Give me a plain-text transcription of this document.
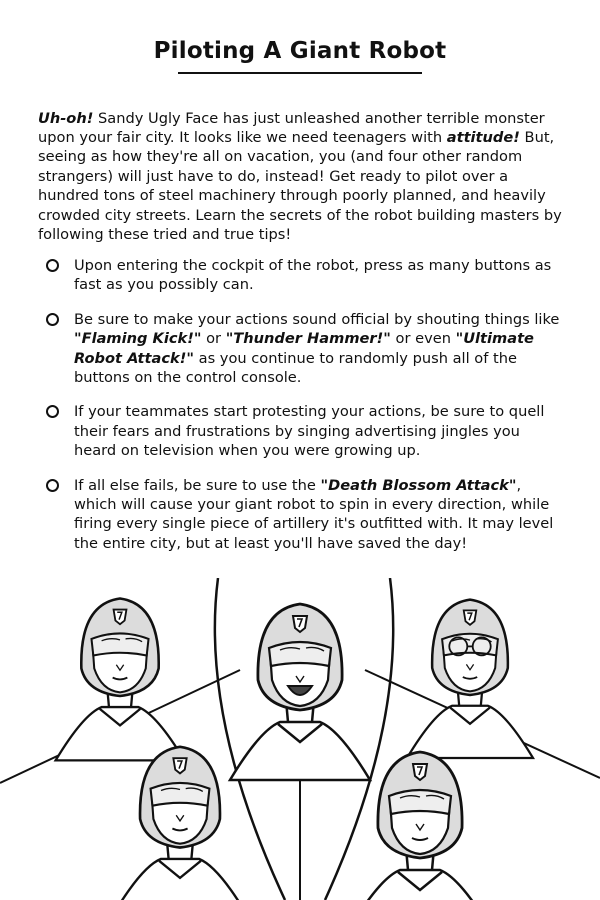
Piloting A Giant Robot

Uh-oh! Sandy Ugly Face has just unleashed another terrible monster upon your fair city. It looks like we need teenagers with attitude! But, seeing as how they're all on vacation, you (and four other random strangers) will just have to do, instead! Get ready to pilot over a hundred tons of steel machinery through poorly planned, and heavily crowded city streets. Learn the secrets of the robot building masters by following these tried and true tips!

Upon entering the cockpit of the robot, press as many buttons as fast as you possibly can.
Be sure to make your actions sound official by shouting things like "Flaming Kick!" or "Thunder Hammer!" or even "Ultimate Robot Attack!" as you continue to randomly push all of the buttons on the control console.
If your teammates start protesting your actions, be sure to quell their fears and frustrations by singing advertising jingles you heard on television when you were growing up.
If all else fails, be sure to use the "Death Blossom Attack", which will cause your giant robot to spin in every direction, while firing every single piece of artillery it's outfitted with. It may level the entire city, but at least you'll have saved the day!
